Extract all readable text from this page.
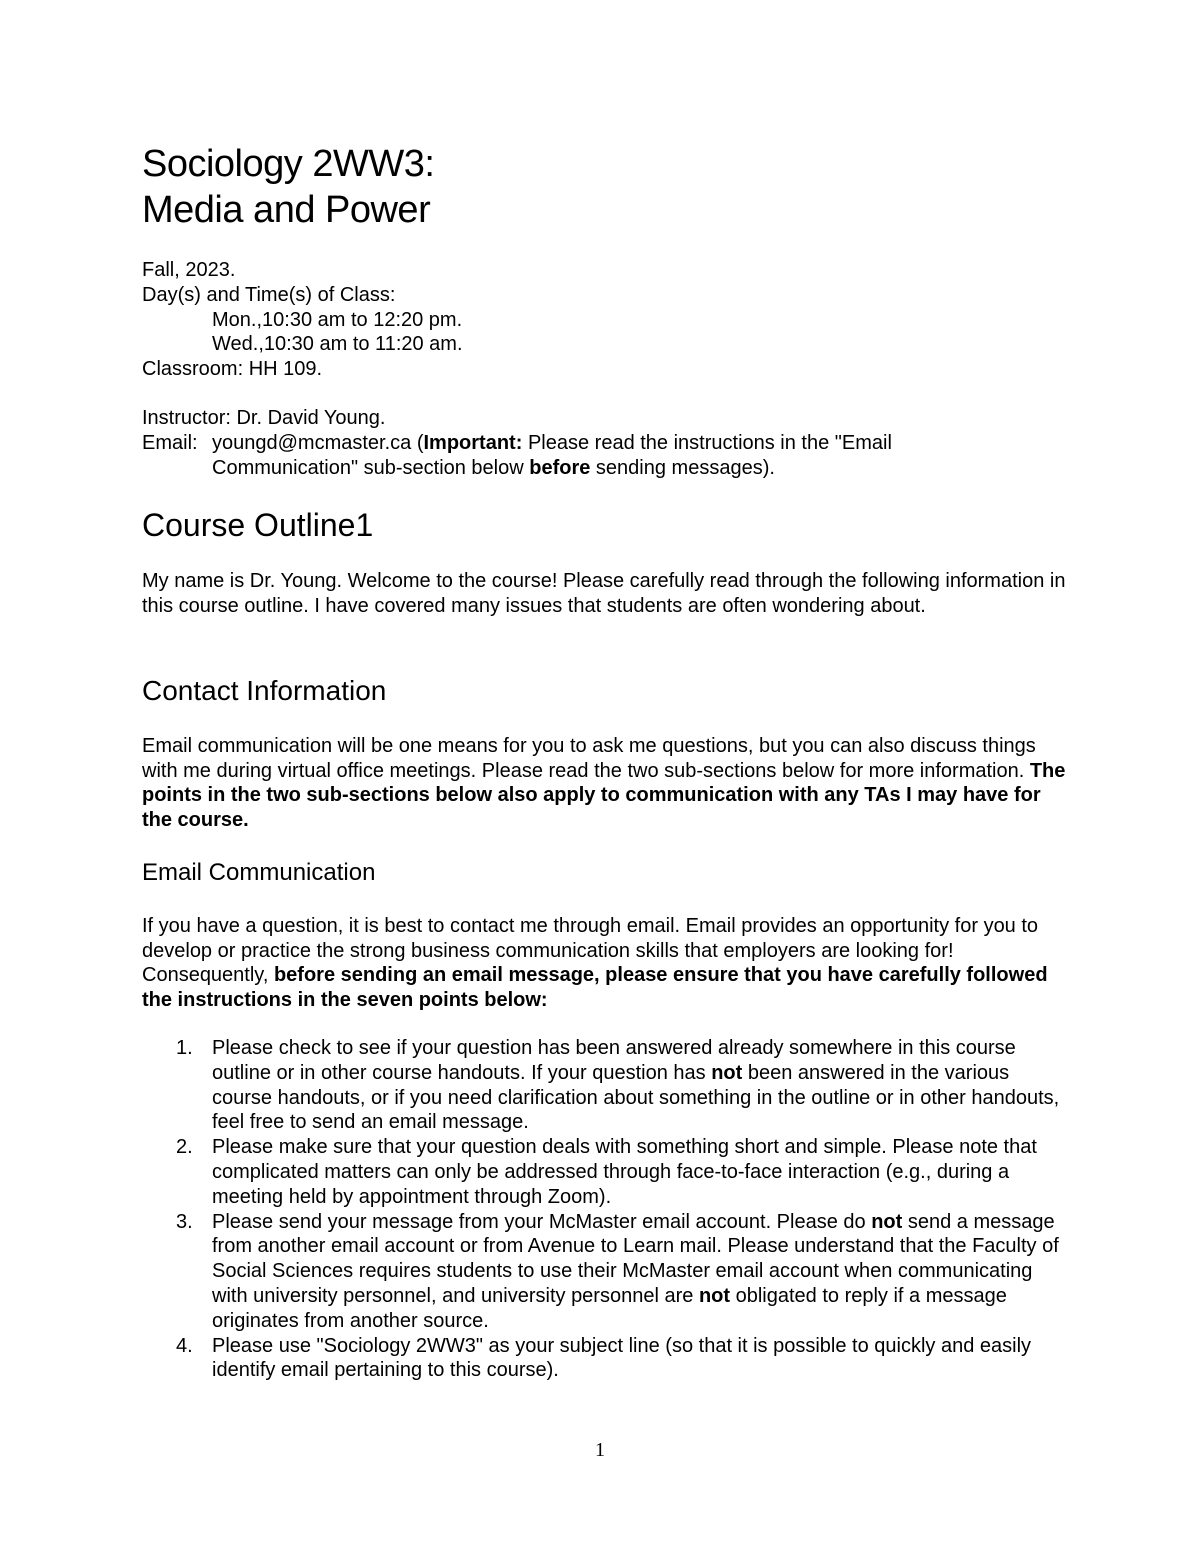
Sociology 2WW3:
Media and Power
Fall, 2023.
Day(s) and Time(s) of Class:
Mon.,10:30 am to 12:20 pm.
Wed.,10:30 am to 11:20 am.
Classroom: HH 109.
Instructor: Dr. David Young.
Email: youngd@mcmaster.ca (Important: Please read the instructions in the "Email
Communication" sub-section below before sending messages).
Course Outline1
My name is Dr. Young. Welcome to the course! Please carefully read through the following information in this course outline. I have covered many issues that students are often wondering about.
Contact Information
Email communication will be one means for you to ask me questions, but you can also discuss things with me during virtual office meetings. Please read the two sub-sections below for more information. The points in the two sub-sections below also apply to communication with any TAs I may have for the course.
Email Communication
If you have a question, it is best to contact me through email. Email provides an opportunity for you to develop or practice the strong business communication skills that employers are looking for! Consequently, before sending an email message, please ensure that you have carefully followed the instructions in the seven points below:
1. Please check to see if your question has been answered already somewhere in this course outline or in other course handouts. If your question has not been answered in the various course handouts, or if you need clarification about something in the outline or in other handouts, feel free to send an email message.
2. Please make sure that your question deals with something short and simple. Please note that complicated matters can only be addressed through face-to-face interaction (e.g., during a meeting held by appointment through Zoom).
3. Please send your message from your McMaster email account. Please do not send a message from another email account or from Avenue to Learn mail. Please understand that the Faculty of Social Sciences requires students to use their McMaster email account when communicating with university personnel, and university personnel are not obligated to reply if a message originates from another source.
4. Please use "Sociology 2WW3" as your subject line (so that it is possible to quickly and easily identify email pertaining to this course).
1
